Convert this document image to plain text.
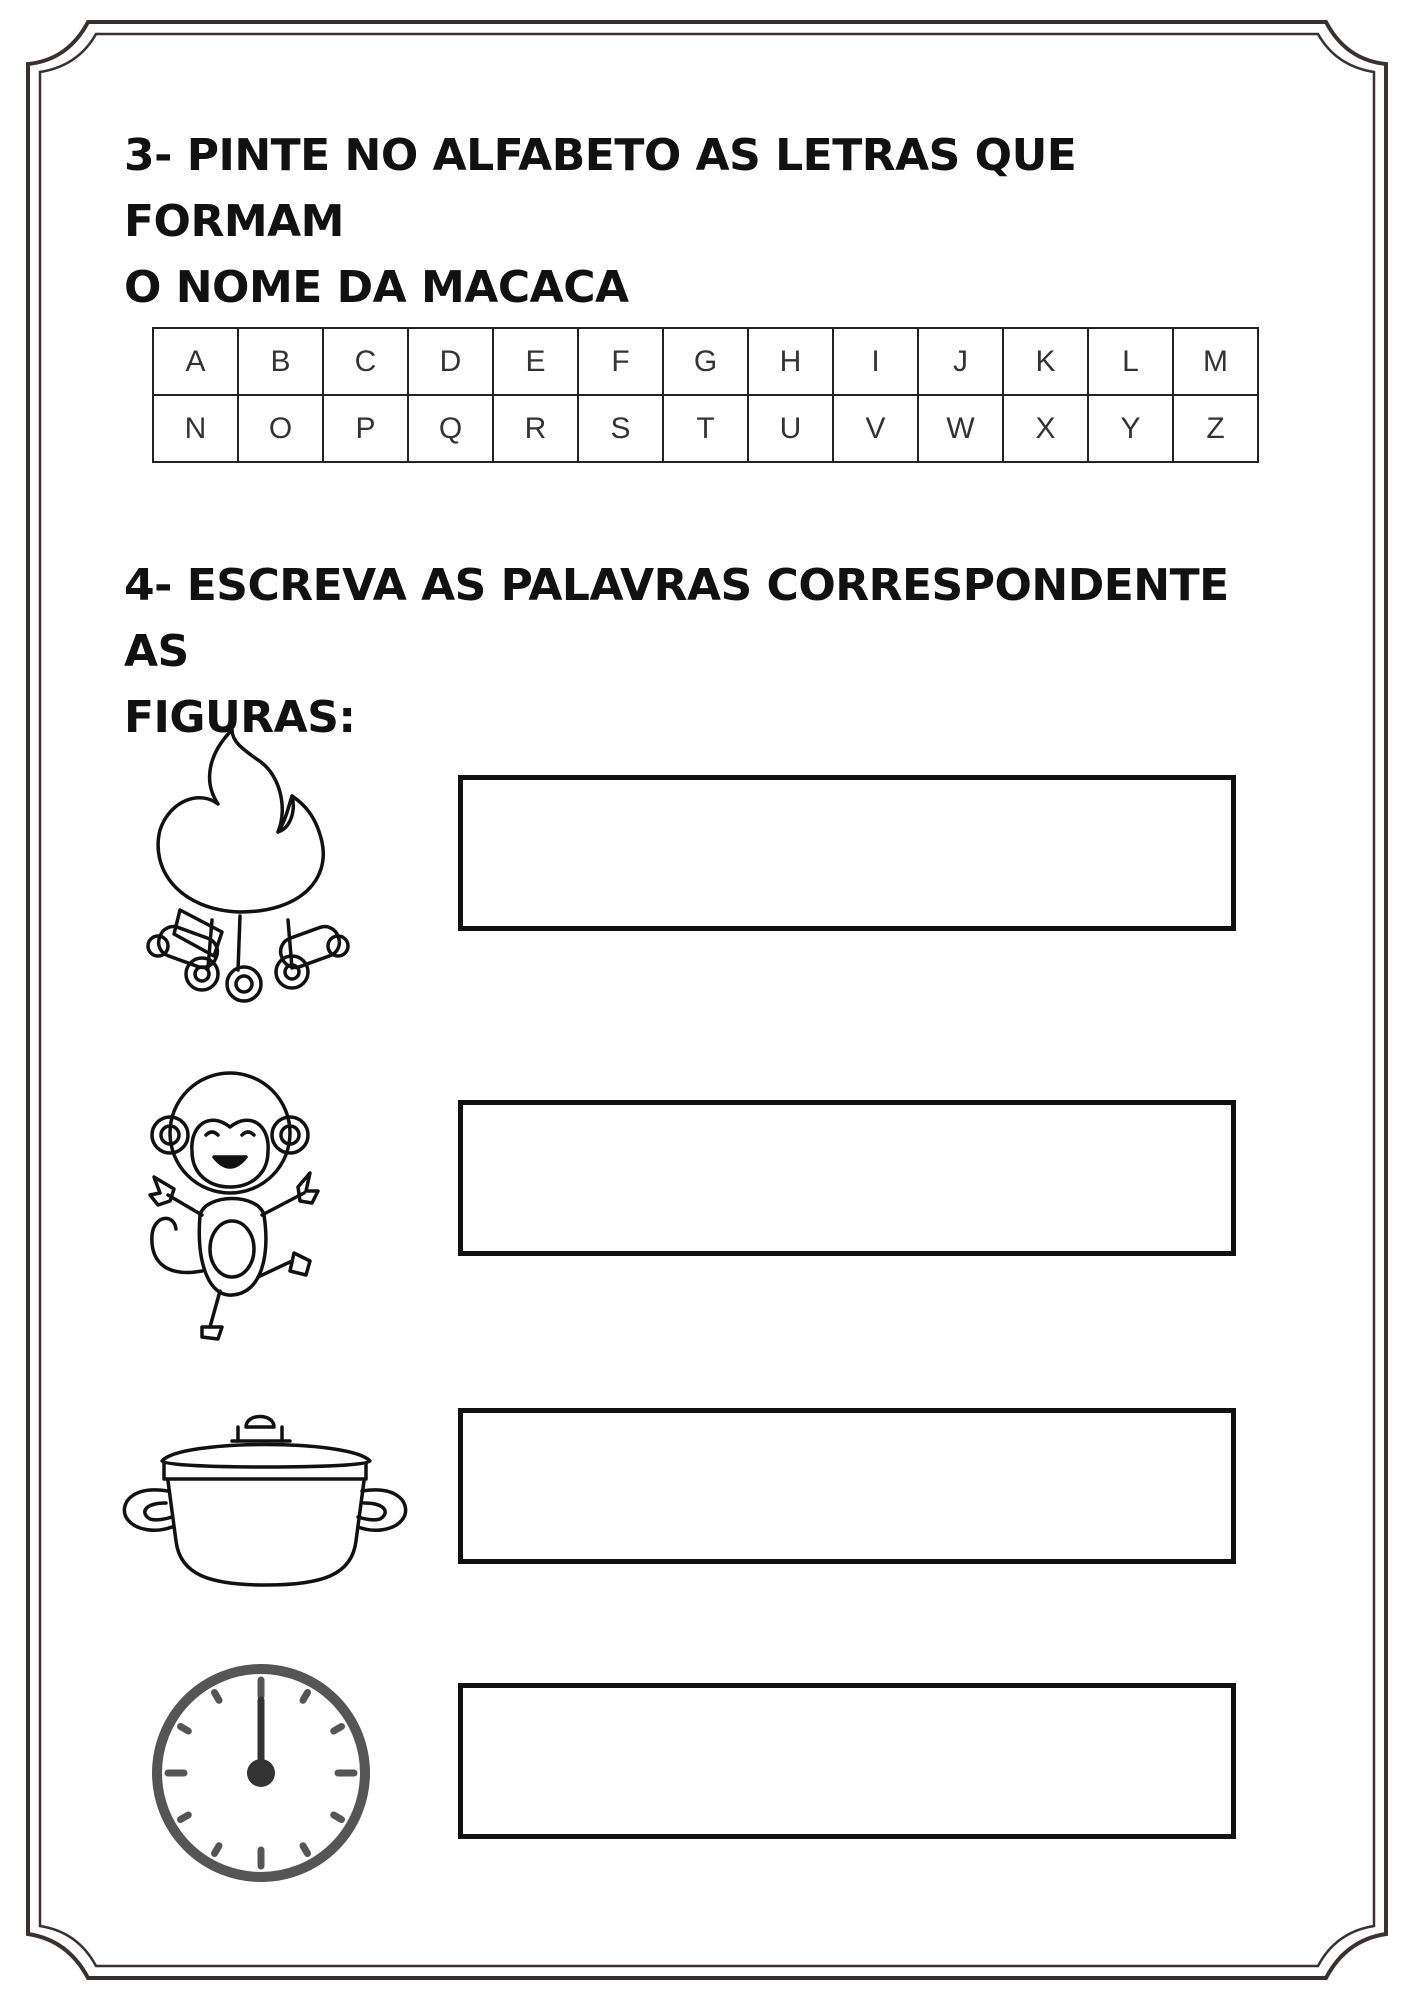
3- PINTE NO ALFABETO AS LETRAS QUE FORMAM
O NOME DA MACACA
A	B	C	D	E	F	G	H	I	J	K	L	M
N	O	P	Q	R	S	T	U	V	W	X	Y	Z
4- ESCREVA AS PALAVRAS CORRESPONDENTE AS
FIGURAS:
